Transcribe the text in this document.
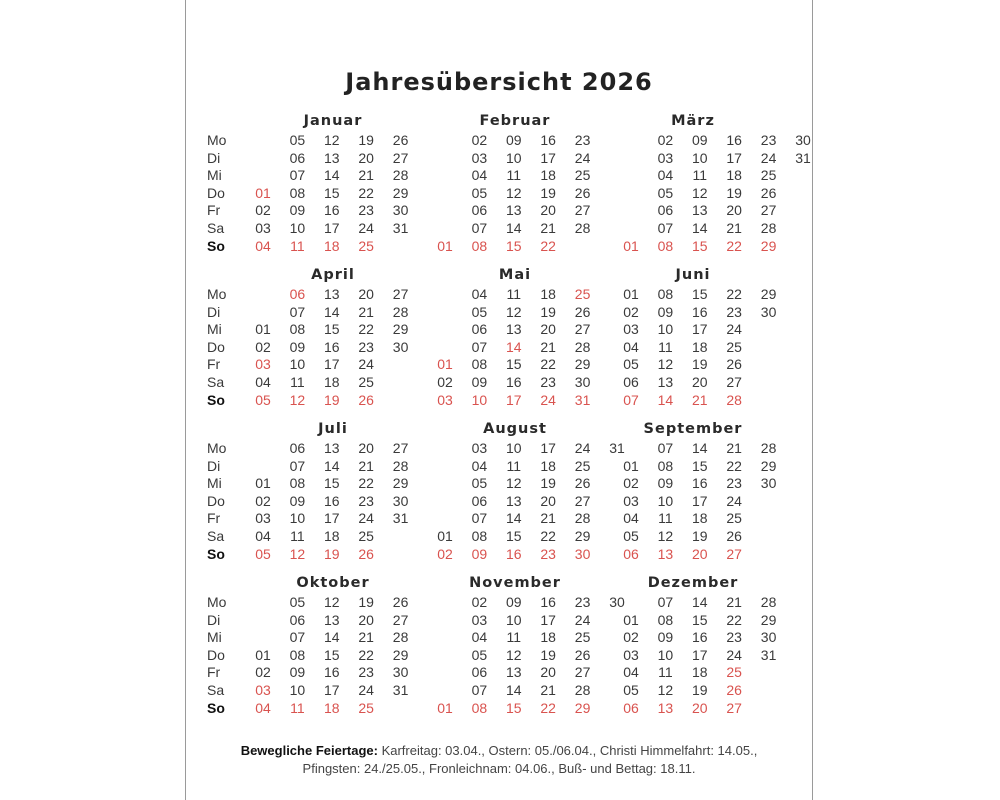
Jahresübersicht 2026
Mo
Di
Mi
Do
Fr
Sa
So
Mo
Di
Mi
Do
Fr
Sa
So
Mo
Di
Mi
Do
Fr
Sa
So
Mo
Di
Mi
Do
Fr
Sa
So
Januar
01
02
03
04
05
06
07
08
09
10
11
12
13
14
15
16
17
18
19
20
21
22
23
24
25
26
27
28
29
30
31
Februar
01
02
03
04
05
06
07
08
09
10
11
12
13
14
15
16
17
18
19
20
21
22
23
24
25
26
27
28
März
01
02
03
04
05
06
07
08
09
10
11
12
13
14
15
16
17
18
19
20
21
22
23
24
25
26
27
28
29
30
31
April
01
02
03
04
05
06
07
08
09
10
11
12
13
14
15
16
17
18
19
20
21
22
23
24
25
26
27
28
29
30
Mai
01
02
03
04
05
06
07
08
09
10
11
12
13
14
15
16
17
18
19
20
21
22
23
24
25
26
27
28
29
30
31
Juni
01
02
03
04
05
06
07
08
09
10
11
12
13
14
15
16
17
18
19
20
21
22
23
24
25
26
27
28
29
30
Juli
01
02
03
04
05
06
07
08
09
10
11
12
13
14
15
16
17
18
19
20
21
22
23
24
25
26
27
28
29
30
31
August
01
02
03
04
05
06
07
08
09
10
11
12
13
14
15
16
17
18
19
20
21
22
23
24
25
26
27
28
29
30
31
September
01
02
03
04
05
06
07
08
09
10
11
12
13
14
15
16
17
18
19
20
21
22
23
24
25
26
27
28
29
30
Oktober
01
02
03
04
05
06
07
08
09
10
11
12
13
14
15
16
17
18
19
20
21
22
23
24
25
26
27
28
29
30
31
November
01
02
03
04
05
06
07
08
09
10
11
12
13
14
15
16
17
18
19
20
21
22
23
24
25
26
27
28
29
30
Dezember
01
02
03
04
05
06
07
08
09
10
11
12
13
14
15
16
17
18
19
20
21
22
23
24
25
26
27
28
29
30
31
Bewegliche Feiertage: Karfreitag: 03.04., Ostern: 05./06.04., Christi Himmelfahrt: 14.05.,
Pfingsten: 24./25.05., Fronleichnam: 04.06., Buß- und Bettag: 18.11.
